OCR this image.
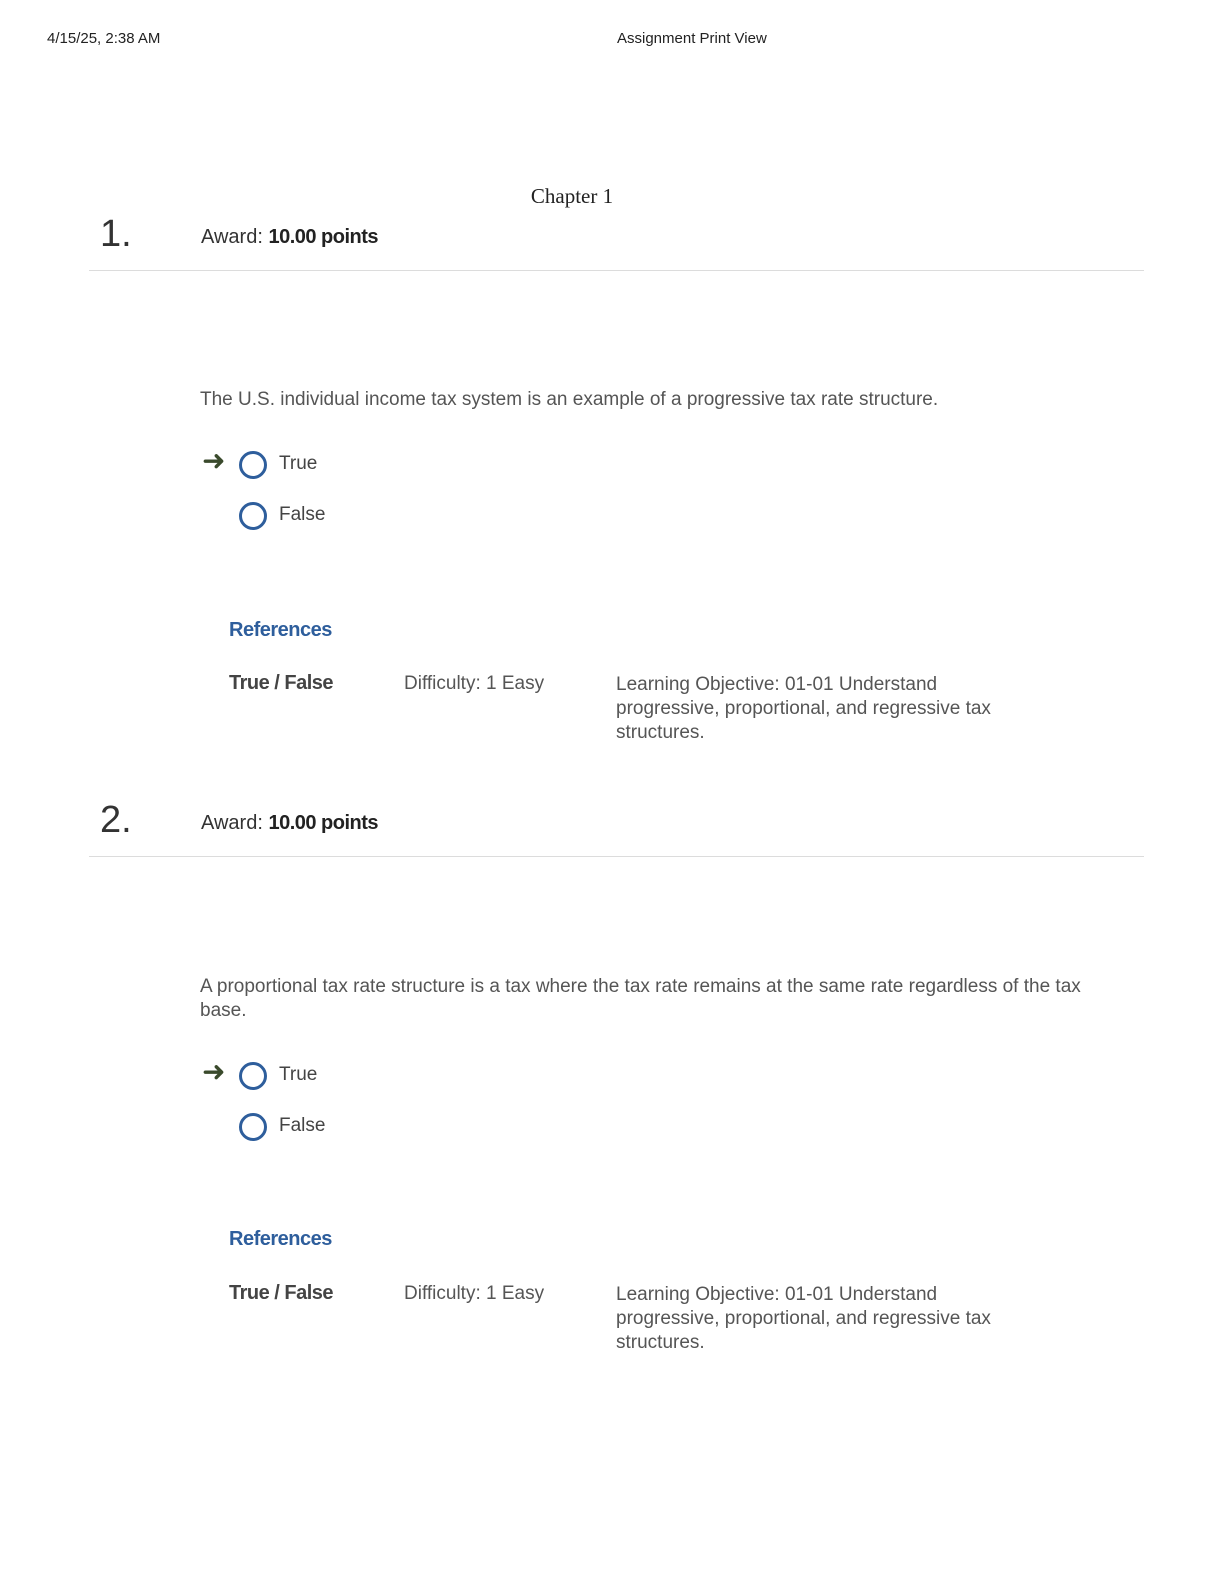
4/15/25, 2:38 AM	Assignment Print View
Chapter 1
1.	Award: 10.00 points
The U.S. individual income tax system is an example of a progressive tax rate structure.
➜	True
False
References
True / False	Difficulty: 1 Easy	Learning Objective: 01-01 Understand progressive, proportional, and regressive tax structures.
2.	Award: 10.00 points
A proportional tax rate structure is a tax where the tax rate remains at the same rate regardless of the tax base.
➜	True
False
References
True / False	Difficulty: 1 Easy	Learning Objective: 01-01 Understand progressive, proportional, and regressive tax structures.
